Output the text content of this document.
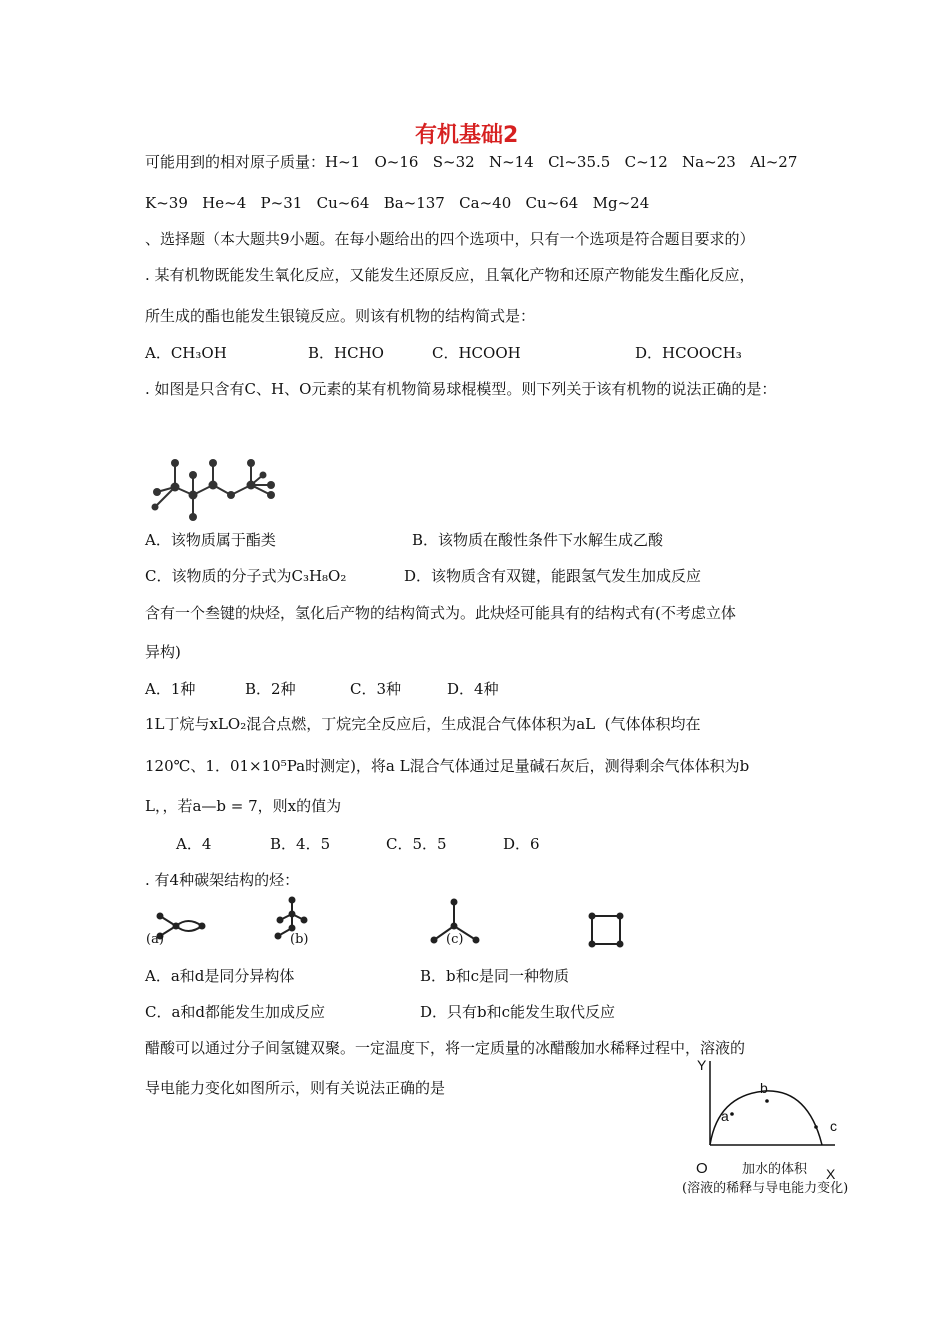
有机基础2
可能用到的相对原子质量：H~1   O~16   S~32   N~14   Cl~35.5   C~12   Na~23   Al~27
K~39   He~4   P~31   Cu~64   Ba~137   Ca~40   Cu~64   Mg~24
、选择题（本大题共9小题。在每小题给出的四个选项中，只有一个选项是符合题目要求的）
. 某有机物既能发生氧化反应，又能发生还原反应，且氧化产物和还原产物能发生酯化反应，
所生成的酯也能发生银镜反应。则该有机物的结构简式是：
A．CH₃OH	B．HCHO	C．HCOOH	D．HCOOCH₃
. 如图是只含有C、H、O元素的某有机物简易球棍模型。则下列关于该有机物的说法正确的是：
A．该物质属于酯类	B．该物质在酸性条件下水解生成乙酸
C．该物质的分子式为C₃H₈O₂	D．该物质含有双键，能跟氢气发生加成反应
含有一个叁键的炔烃，氢化后产物的结构简式为。此炔烃可能具有的结构式有(不考虑立体
异构)
A．1种	B．2种	C．3种	D．4种
1L丁烷与xLO₂混合点燃，丁烷完全反应后，生成混合气体体积为aL  (气体体积均在
120℃、1．01×10⁵Pa时测定)，将a L混合气体通过足量碱石灰后，测得剩余气体体积为b
L，，若a—b = 7，则x的值为
A．4	B．4．5	C．5．5	D．6
. 有4种碳架结构的烃：
(a)	(b)	(c)
A．a和d是同分异构体	B．b和c是同一种物质
C．a和d都能发生加成反应	D．只有b和c能发生取代反应
醋酸可以通过分子间氢键双聚。一定温度下，将一定质量的冰醋酸加水稀释过程中，溶液的
导电能力变化如图所示，则有关说法正确的是
Y
a
b
c
O	加水的体积 X
(溶液的稀释与导电能力变化)
